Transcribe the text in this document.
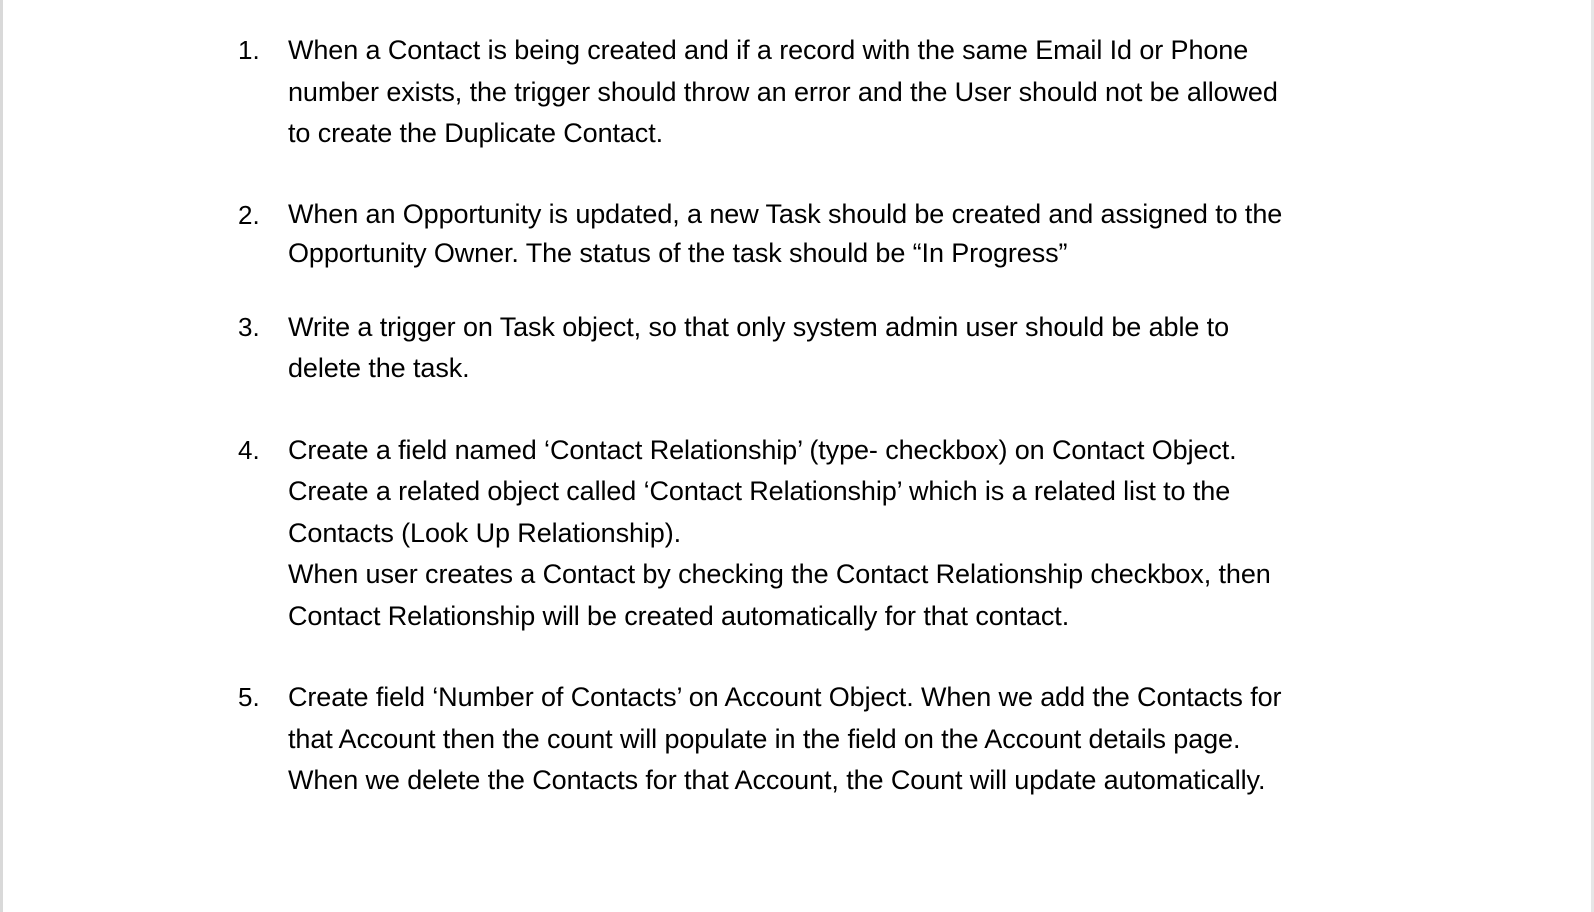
1.	When a Contact is being created and if a record with the same Email Id or Phone
number exists, the trigger should throw an error and the User should not be allowed
to create the Duplicate Contact.
2.	When an Opportunity is updated, a new Task should be created and assigned to the
Opportunity Owner. The status of the task should be “In Progress”
3.	Write a trigger on Task object, so that only system admin user should be able to
delete the task.
4.	Create a field named ‘Contact Relationship’ (type- checkbox) on Contact Object.
Create a related object called ‘Contact Relationship’ which is a related list to the
Contacts (Look Up Relationship).
When user creates a Contact by checking the Contact Relationship checkbox, then
Contact Relationship will be created automatically for that contact.
5.	Create field ‘Number of Contacts’ on Account Object. When we add the Contacts for
that Account then the count will populate in the field on the Account details page.
When we delete the Contacts for that Account, the Count will update automatically.
